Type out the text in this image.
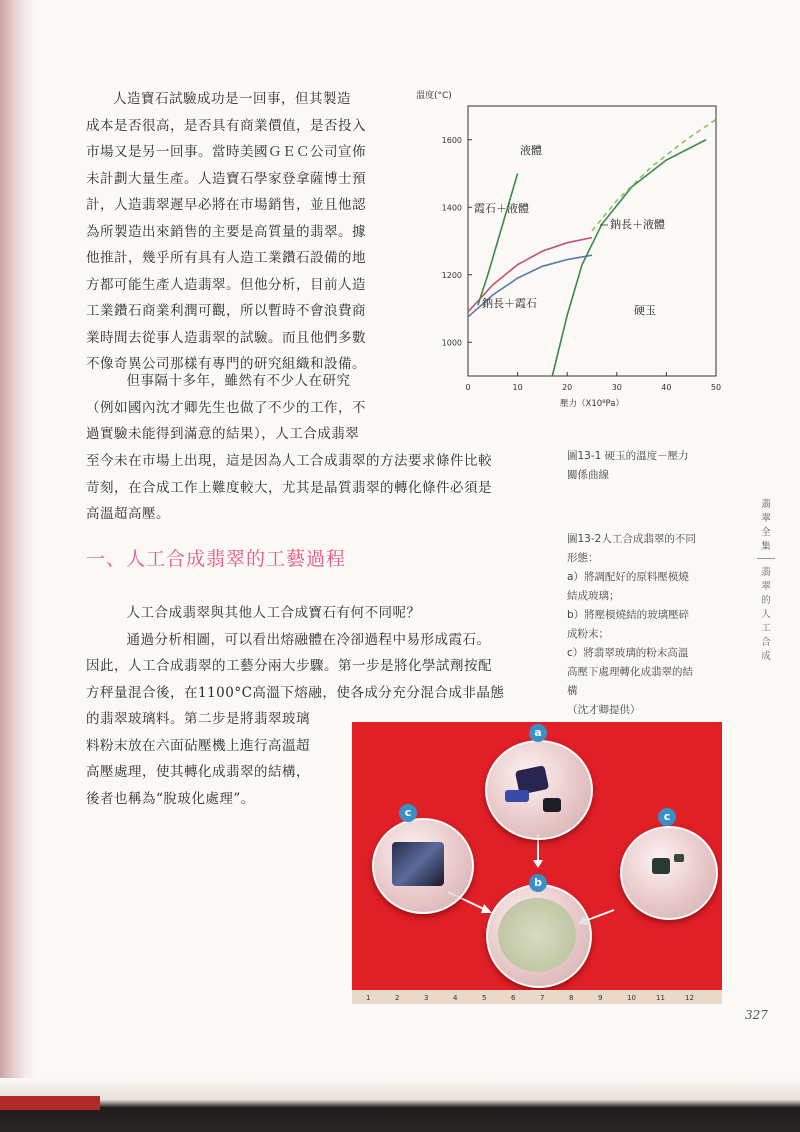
人造寶石試驗成功是一回事，但其製造
成本是否很高，是否具有商業價值，是否投入
市場又是另一回事。當時美國ＧＥＣ公司宣佈
未計劃大量生產。人造寶石學家登拿薩博士預
計，人造翡翠遲早必將在市場銷售，並且他認
為所製造出來銷售的主要是高質量的翡翠。據
他推計，幾乎所有具有人造工業鑽石設備的地
方都可能生產人造翡翠。但他分析，目前人造
工業鑽石商業利潤可觀，所以暫時不會浪費商
業時間去從事人造翡翠的試驗。而且他們多數
不像奇異公司那樣有專門的研究組織和設備。
但事隔十多年，雖然有不少人在研究
（例如國內沈才卿先生也做了不少的工作，不
過實驗未能得到滿意的結果），人工合成翡翠
至今未在市場上出現，這是因為人工合成翡翠的方法要求條件比較
苛刻，在合成工作上難度較大，尤其是晶質翡翠的轉化條件必須是
高溫超高壓。
一、人工合成翡翠的工藝過程
人工合成翡翠與其他人工合成寶石有何不同呢？
通過分析相圖，可以看出熔融體在冷卻過程中易形成霞石。
因此，人工合成翡翠的工藝分兩大步驟。第一步是將化學試劑按配
方秤量混合後，在1100°C高溫下熔融，使各成分充分混合成非晶態
的翡翠玻璃料。第二步是將翡翠玻璃
料粉末放在六面砧壓機上進行高溫超
高壓處理，使其轉化成翡翠的結構，
後者也稱為“脫玻化處理”。
溫度(°C)
1000
1200
1400
1600
0	10	20	30	40	50
液體
霞石＋液體
鈉長＋液體
鈉長＋霞石
硬玉
壓力（X10⁸Pa）
圖13-1 硬玉的溫度－壓力
關係曲線
圖13-2人工合成翡翠的不同
形態：
a）將調配好的原料壓模燒
結成玻璃；
b）將壓模燒結的玻璃壓碎
成粉末；
c）將翡翠玻璃的粉末高溫
高壓下處理轉化成翡翠的結
構
（沈才卿提供）
翡翠全集
翡翠的人工合成
a
b
c	c
1	2	3	4	5	6	7	8	9	10	11	12
327
